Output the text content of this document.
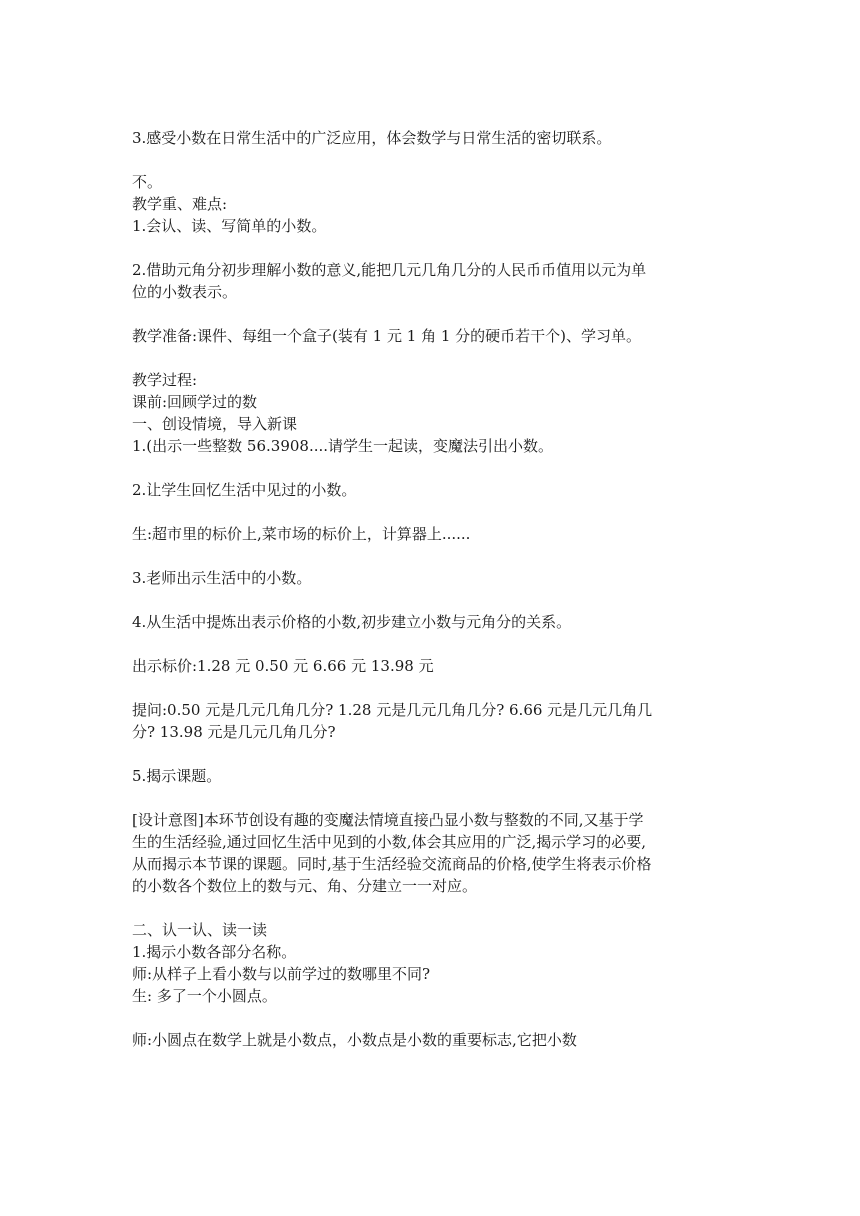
3.感受小数在日常生活中的广泛应用，体会数学与日常生活的密切联系。
不。
教学重、难点:
1.会认、读、写简单的小数。
2.借助元角分初步理解小数的意义,能把几元几角几分的人民币币值用以元为单
位的小数表示。
教学准备:课件、每组一个盒子(装有 1 元 1 角 1 分的硬币若干个)、学习单。
教学过程:
课前:回顾学过的数
一、创设情境，导入新课
1.(出示一些整数 56.3908....请学生一起读，变魔法引出小数。
2.让学生回忆生活中见过的小数。
生:超市里的标价上,菜市场的标价上，计算器上......
3.老师出示生活中的小数。
4.从生活中提炼出表示价格的小数,初步建立小数与元角分的关系。
出示标价:1.28 元 0.50 元 6.66 元 13.98 元
提问:0.50 元是几元几角几分? 1.28 元是几元几角几分? 6.66 元是几元几角几
分? 13.98 元是几元几角几分?
5.揭示课题。
[设计意图]本环节创设有趣的变魔法情境直接凸显小数与整数的不同,又基于学
生的生活经验,通过回忆生活中见到的小数,体会其应用的广泛,揭示学习的必要,
从而揭示本节课的课题。同时,基于生活经验交流商品的价格,使学生将表示价格
的小数各个数位上的数与元、角、分建立一一对应。
二、认一认、读一读
1.揭示小数各部分名称。
师:从样子上看小数与以前学过的数哪里不同?
生: 多了一个小圆点。
师:小圆点在数学上就是小数点，小数点是小数的重要标志,它把小数
